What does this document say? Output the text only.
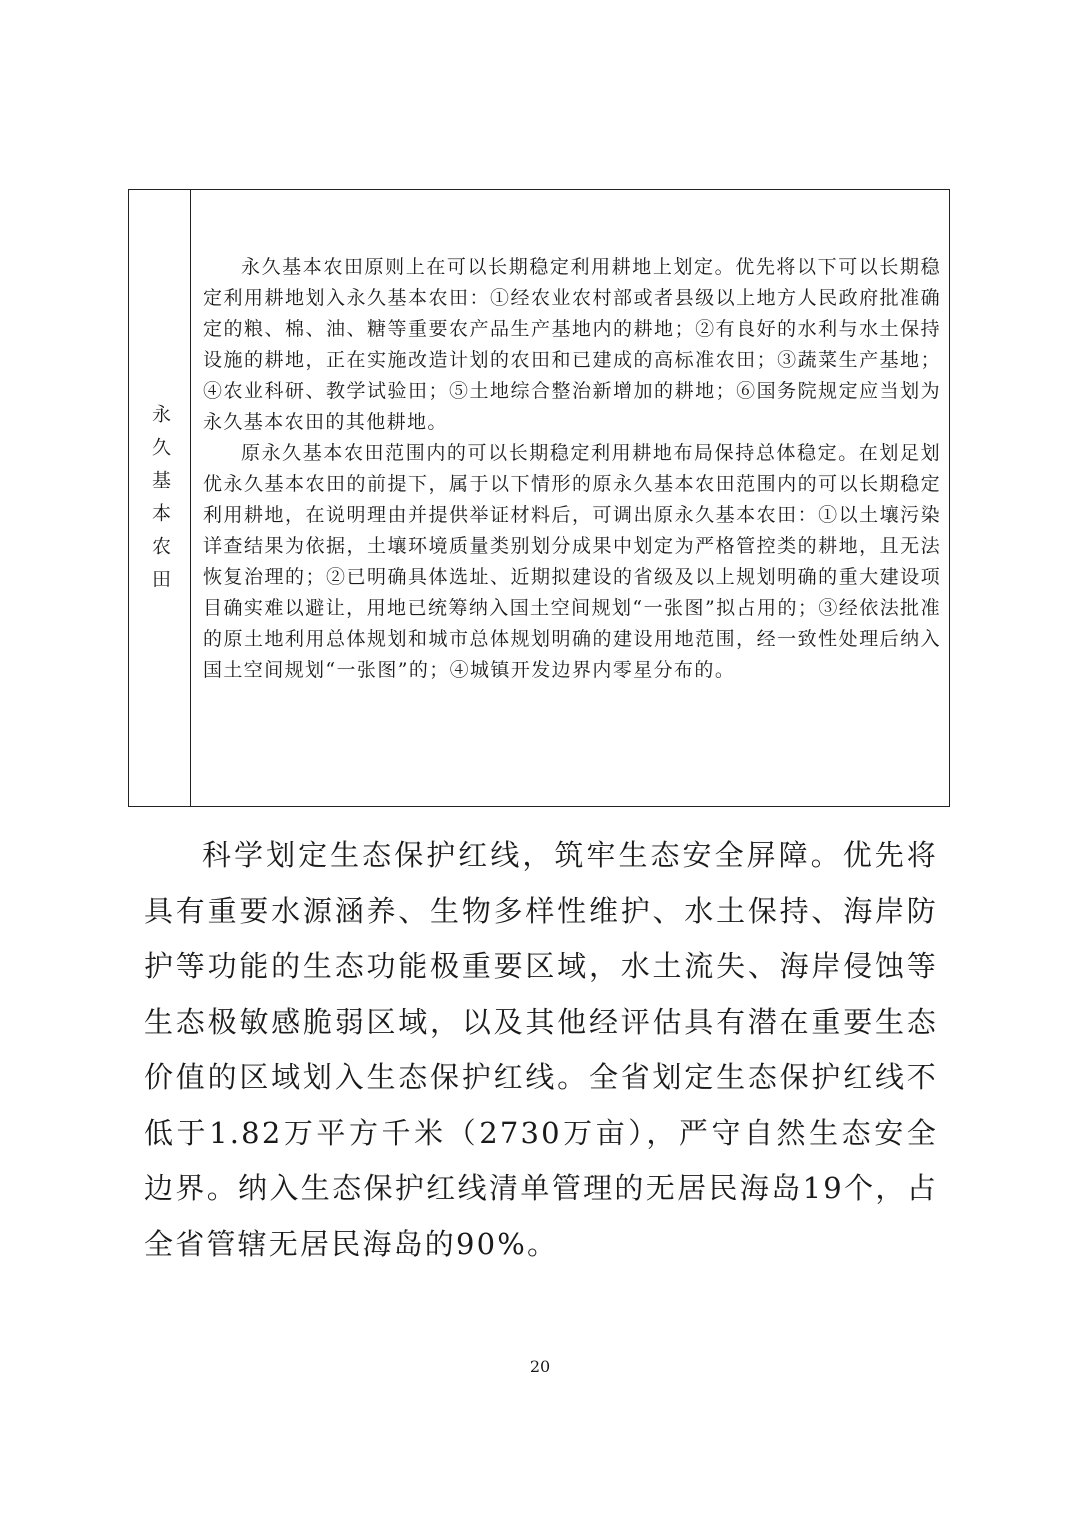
永久基本农田

永久基本农田原则上在可以长期稳定利用耕地上划定。优先将以下可以长期稳定利用耕地划入永久基本农田：①经农业农村部或者县级以上地方人民政府批准确定的粮、棉、油、糖等重要农产品生产基地内的耕地；②有良好的水利与水土保持设施的耕地，正在实施改造计划的农田和已建成的高标准农田；③蔬菜生产基地；④农业科研、教学试验田；⑤土地综合整治新增加的耕地；⑥国务院规定应当划为永久基本农田的其他耕地。

原永久基本农田范围内的可以长期稳定利用耕地布局保持总体稳定。在划足划优永久基本农田的前提下，属于以下情形的原永久基本农田范围内的可以长期稳定利用耕地，在说明理由并提供举证材料后，可调出原永久基本农田：①以土壤污染详查结果为依据，土壤环境质量类别划分成果中划定为严格管控类的耕地，且无法恢复治理的；②已明确具体选址、近期拟建设的省级及以上规划明确的重大建设项目确实难以避让，用地已统筹纳入国土空间规划“一张图”拟占用的；③经依法批准的原土地利用总体规划和城市总体规划明确的建设用地范围，经一致性处理后纳入国土空间规划“一张图”的；④城镇开发边界内零星分布的。

科学划定生态保护红线，筑牢生态安全屏障。优先将具有重要水源涵养、生物多样性维护、水土保持、海岸防护等功能的生态功能极重要区域，水土流失、海岸侵蚀等生态极敏感脆弱区域，以及其他经评估具有潜在重要生态价值的区域划入生态保护红线。全省划定生态保护红线不低于1.82万平方千米（2730万亩），严守自然生态安全边界。纳入生态保护红线清单管理的无居民海岛19个，占全省管辖无居民海岛的90%。

20
